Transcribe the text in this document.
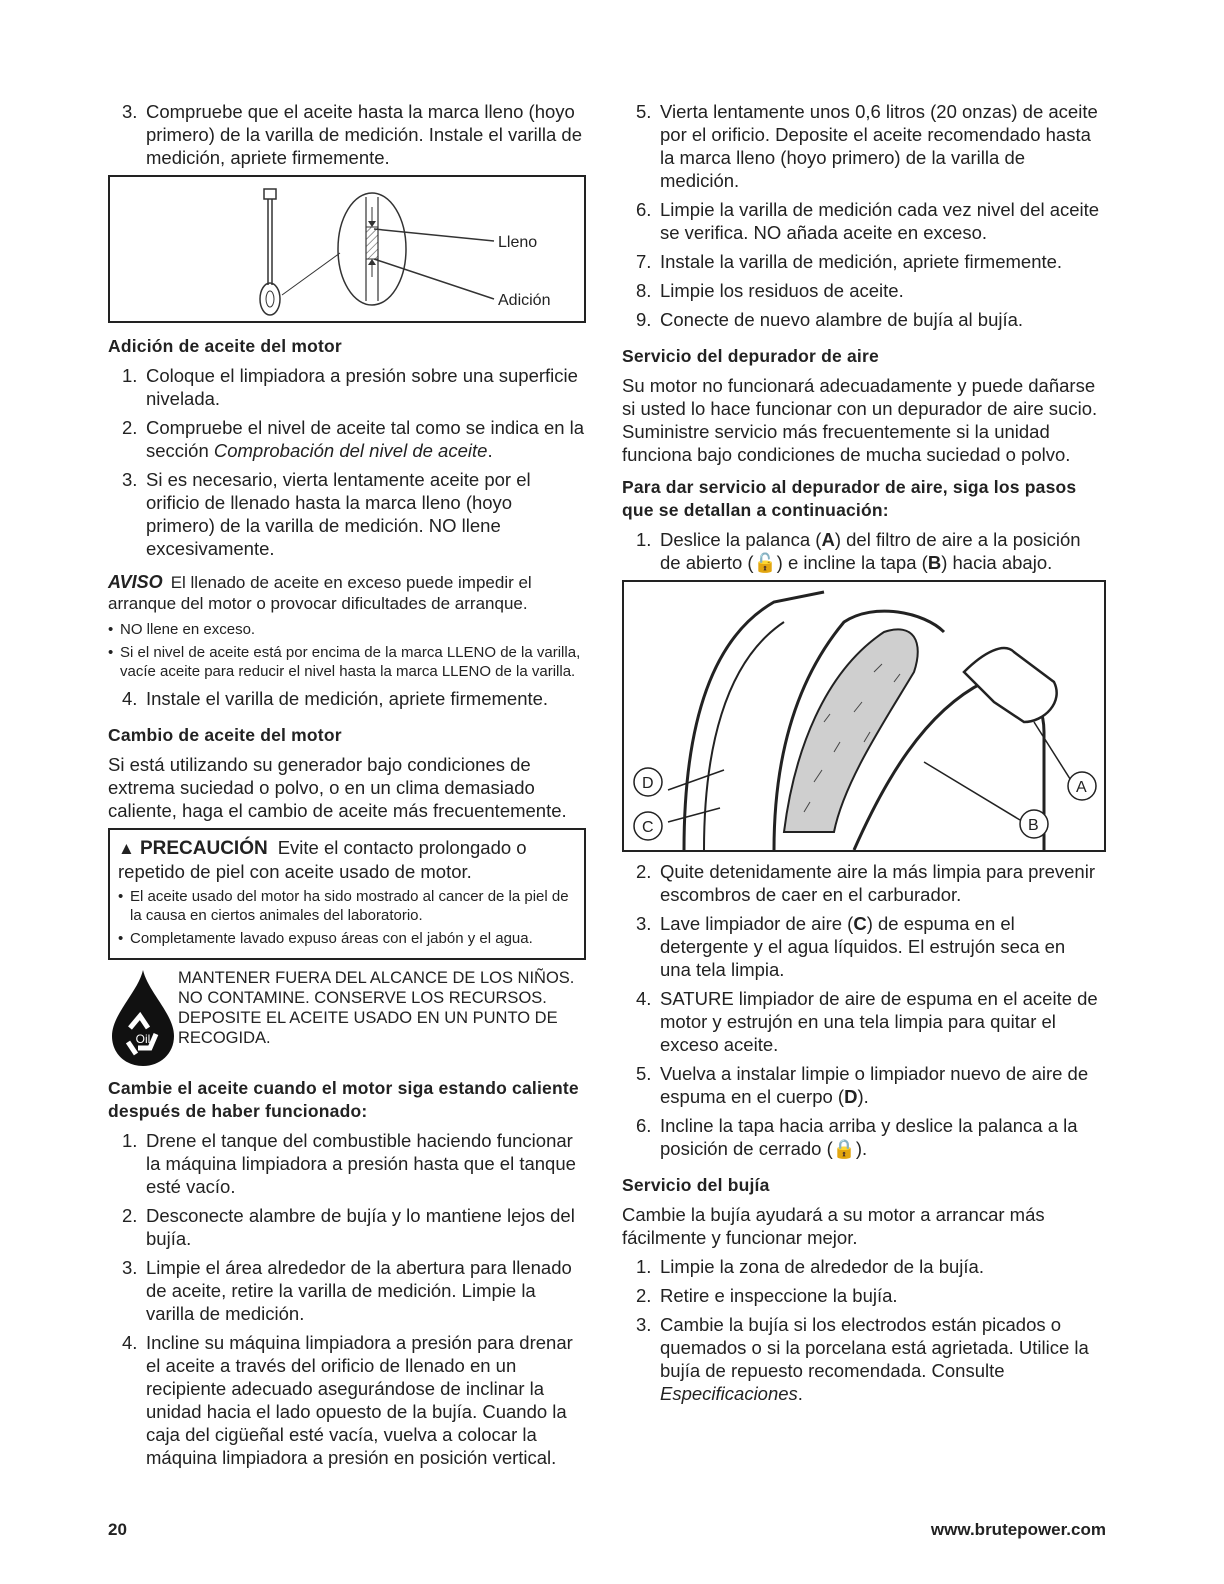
3. Compruebe que el aceite hasta la marca lleno (hoyo primero) de la varilla de medición. Instale el varilla de medición, apriete firmemente.
Lleno
Adición
Adición de aceite del motor
1. Coloque el limpiadora a presión sobre una superficie nivelada.
2. Compruebe el nivel de aceite tal como se indica en la sección Comprobación del nivel de aceite.
3. Si es necesario, vierta lentamente aceite por el orificio de llenado hasta la marca lleno (hoyo primero) de la varilla de medición. NO llene excesivamente.

AVISO El llenado de aceite en exceso puede impedir el arranque del motor o provocar dificultades de arranque.

• NO llene en exceso.
• Si el nivel de aceite está por encima de la marca LLENO de la varilla, vacíe aceite para reducir el nivel hasta la marca LLENO de la varilla.
4. Instale el varilla de medición, apriete firmemente.
Cambio de aceite del motor

Si está utilizando su generador bajo condiciones de extrema suciedad o polvo, o en un clima demasiado caliente, haga el cambio de aceite más frecuentemente.

▲ PRECAUCIÓN Evite el contacto prolongado o repetido de piel con aceite usado de motor.

• El aceite usado del motor ha sido mostrado al cancer de la piel de la causa en ciertos animales del laboratorio.
• Completamente lavado expuso áreas con el jabón y el agua.
Oil
MANTENER FUERA DEL ALCANCE DE LOS NIÑOS. NO CONTAMINE. CONSERVE LOS RECURSOS. DEPOSITE EL ACEITE USADO EN UN PUNTO DE RECOGIDA.
Cambie el aceite cuando el motor siga estando caliente después de haber funcionado:
1. Drene el tanque del combustible haciendo funcionar la máquina limpiadora a presión hasta que el tanque esté vacío.
2. Desconecte alambre de bujía y lo mantiene lejos del bujía.
3. Limpie el área alrededor de la abertura para llenado de aceite, retire la varilla de medición. Limpie la varilla de medición.
4. Incline su máquina limpiadora a presión para drenar el aceite a través del orificio de llenado en un recipiente adecuado asegurándose de inclinar la unidad hacia el lado opuesto de la bujía. Cuando la caja del cigüeñal esté vacía, vuelva a colocar la máquina limpiadora a presión en posición vertical.
5. Vierta lentamente unos 0,6 litros (20 onzas) de aceite por el orificio. Deposite el aceite recomendado hasta la marca lleno (hoyo primero) de la varilla de medición.
6. Limpie la varilla de medición cada vez nivel del aceite se verifica. NO añada aceite en exceso.
7. Instale la varilla de medición, apriete firmemente.
8. Limpie los residuos de aceite.
9. Conecte de nuevo alambre de bujía al bujía.
Servicio del depurador de aire

Su motor no funcionará adecuadamente y puede dañarse si usted lo hace funcionar con un depurador de aire sucio. Suministre servicio más frecuentemente si la unidad funciona bajo condiciones de mucha suciedad o polvo.

Para dar servicio al depurador de aire, siga los pasos que se detallan a continuación:
1. Deslice la palanca (A) del filtro de aire a la posición de abierto (🔓) e incline la tapa (B) hacia abajo.
D
C	B
A
2. Quite detenidamente aire la más limpia para prevenir escombros de caer en el carburador.
3. Lave limpiador de aire (C) de espuma en el detergente y el agua líquidos. El estrujón seca en una tela limpia.
4. SATURE limpiador de aire de espuma en el aceite de motor y estrujón en una tela limpia para quitar el exceso aceite.
5. Vuelva a instalar limpie o limpiador nuevo de aire de espuma en el cuerpo (D).
6. Incline la tapa hacia arriba y deslice la palanca a la posición de cerrado (🔒).
Servicio del bujía

Cambie la bujía ayudará a su motor a arrancar más fácilmente y funcionar mejor.

1. Limpie la zona de alrededor de la bujía.
2. Retire e inspeccione la bujía.
3. Cambie la bujía si los electrodos están picados o quemados o si la porcelana está agrietada. Utilice la bujía de repuesto recomendada. Consulte Especificaciones.
20	www.brutepower.com
